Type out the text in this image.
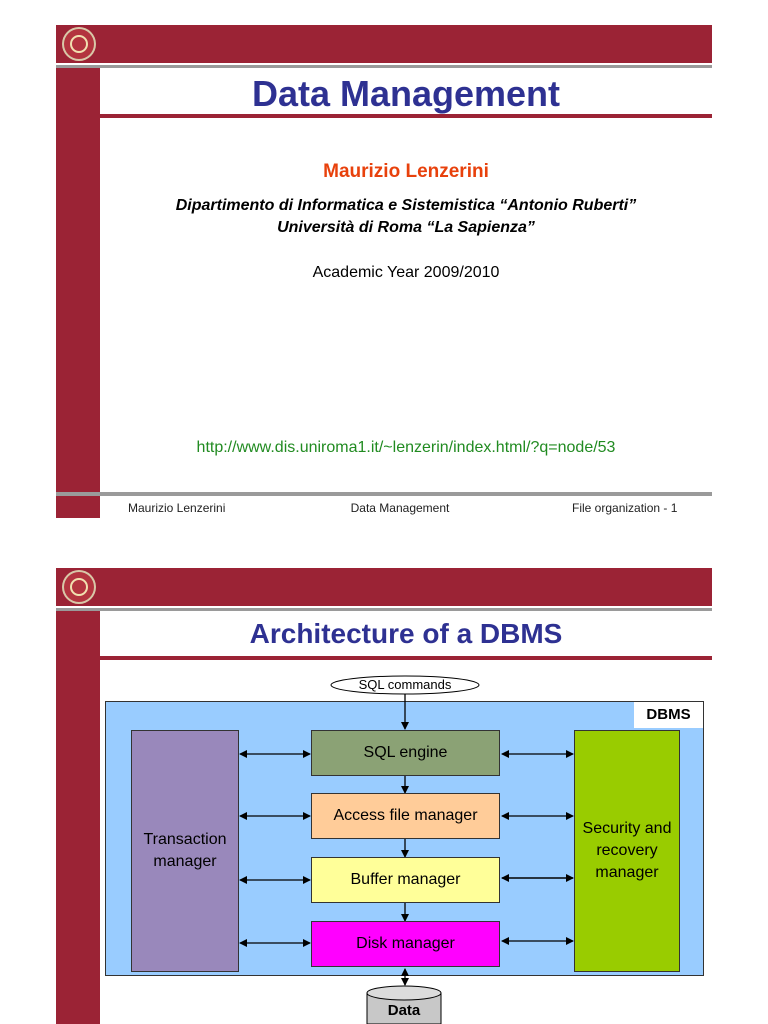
Data Management
Maurizio Lenzerini
Dipartimento di Informatica e Sistemistica “Antonio Ruberti”
Università di Roma “La Sapienza”
Academic Year 2009/2010
http://www.dis.uniroma1.it/~lenzerin/index.html/?q=node/53
Maurizio Lenzerini	Data Management	File organization - 1
Architecture of a DBMS
DBMS
SQL commands
Transaction manager
Security and recovery manager
SQL engine
Access file manager
Buffer manager
Disk manager
Data
